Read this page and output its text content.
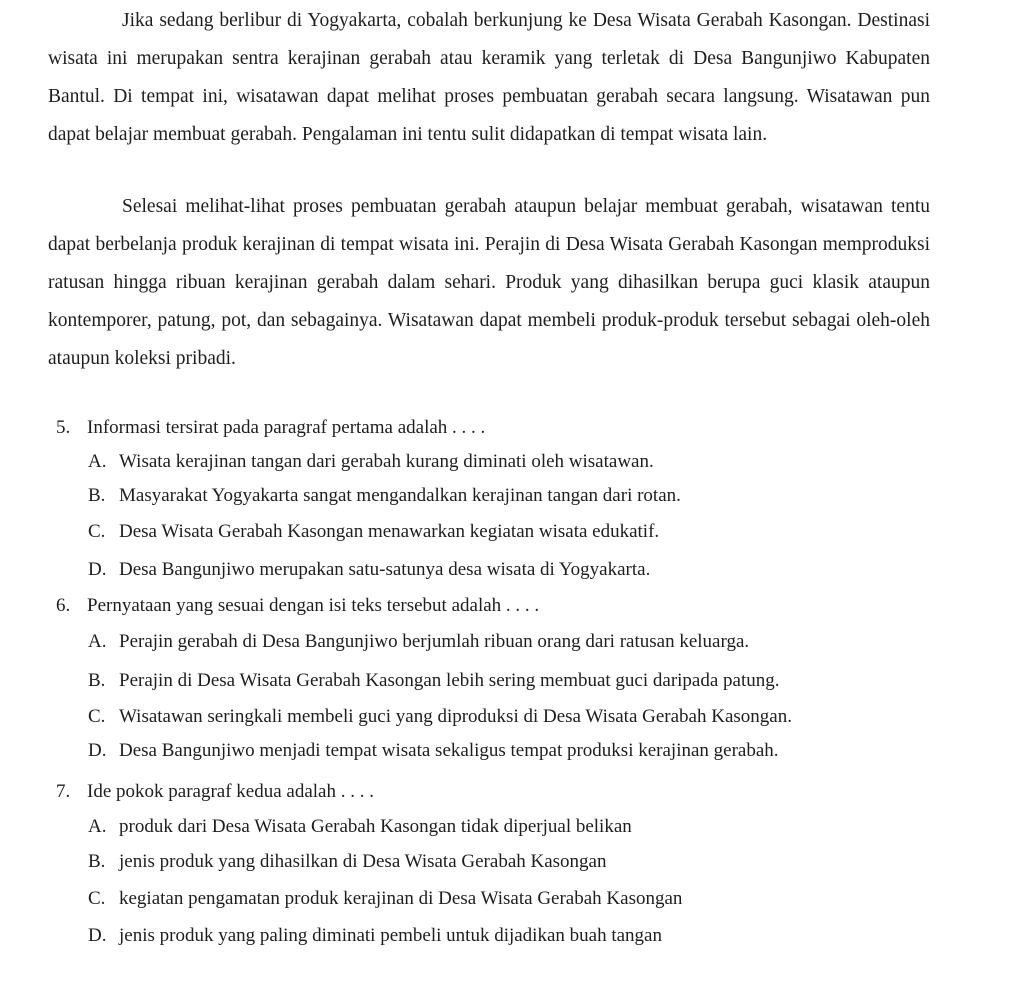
Jika sedang berlibur di Yogyakarta, cobalah berkunjung ke Desa Wisata Gerabah Kasongan. Destinasi wisata ini merupakan sentra kerajinan gerabah atau keramik yang terletak di Desa Bangunjiwo Kabupaten Bantul. Di tempat ini, wisatawan dapat melihat proses pembuatan gerabah secara langsung. Wisatawan pun dapat belajar membuat gerabah. Pengalaman ini tentu sulit didapatkan di tempat wisata lain.

Selesai melihat-lihat proses pembuatan gerabah ataupun belajar membuat gerabah, wisatawan tentu dapat berbelanja produk kerajinan di tempat wisata ini. Perajin di Desa Wisata Gerabah Kasongan memproduksi ratusan hingga ribuan kerajinan gerabah dalam sehari. Produk yang dihasilkan berupa guci klasik ataupun kontemporer, patung, pot, dan sebagainya. Wisatawan dapat membeli produk-produk tersebut sebagai oleh-oleh ataupun koleksi pribadi.

5. Informasi tersirat pada paragraf pertama adalah . . . .
A. Wisata kerajinan tangan dari gerabah kurang diminati oleh wisatawan.
B. Masyarakat Yogyakarta sangat mengandalkan kerajinan tangan dari rotan.
C. Desa Wisata Gerabah Kasongan menawarkan kegiatan wisata edukatif.
D. Desa Bangunjiwo merupakan satu-satunya desa wisata di Yogyakarta.
6. Pernyataan yang sesuai dengan isi teks tersebut adalah . . . .
A. Perajin gerabah di Desa Bangunjiwo berjumlah ribuan orang dari ratusan keluarga.
B. Perajin di Desa Wisata Gerabah Kasongan lebih sering membuat guci daripada patung.
C. Wisatawan seringkali membeli guci yang diproduksi di Desa Wisata Gerabah Kasongan.
D. Desa Bangunjiwo menjadi tempat wisata sekaligus tempat produksi kerajinan gerabah.
7. Ide pokok paragraf kedua adalah . . . .
A. produk dari Desa Wisata Gerabah Kasongan tidak diperjual belikan
B. jenis produk yang dihasilkan di Desa Wisata Gerabah Kasongan
C. kegiatan pengamatan produk kerajinan di Desa Wisata Gerabah Kasongan
D. jenis produk yang paling diminati pembeli untuk dijadikan buah tangan
